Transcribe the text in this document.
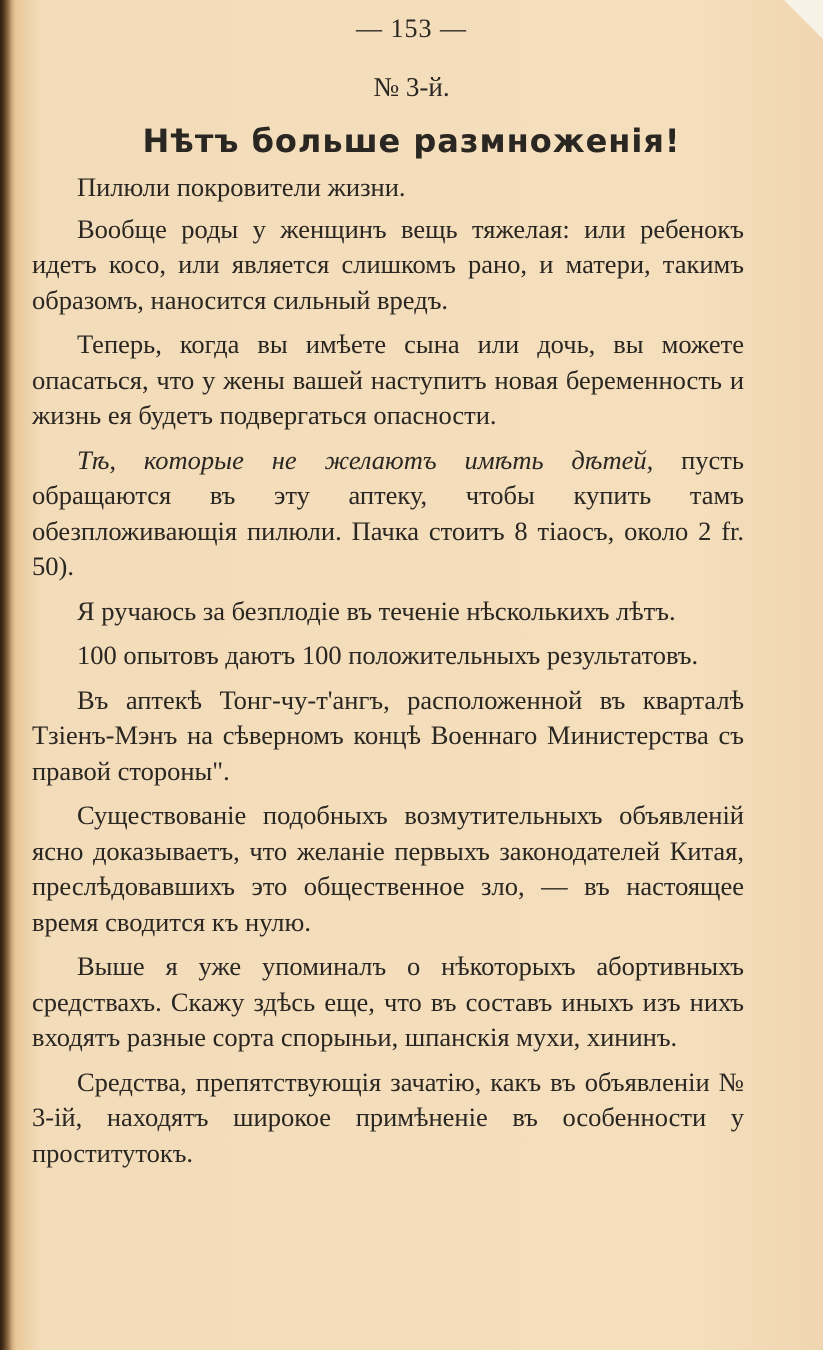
— 153 —
№ 3-й.
Нѣтъ больше размноженія!
Пилюли покровители жизни.
Вообще роды у женщинъ вещь тяжелая: или ребенокъ идетъ косо, или является слишкомъ рано, и матери, такимъ образомъ, наносится сильный вредъ.
Теперь, когда вы имѣете сына или дочь, вы можете опасаться, что у жены вашей наступитъ новая беременность и жизнь ея будетъ подвергаться опасности.
Тѣ, которые не желаютъ имѣть дѣтей, пусть обращаются въ эту аптеку, чтобы купить тамъ обезпложивающія пилюли. Пачка стоитъ 8 тіаосъ, около 2 fr. 50).
Я ручаюсь за безплодіе въ теченіе нѣсколькихъ лѣтъ.
100 опытовъ даютъ 100 положительныхъ результатовъ.
Въ аптекѣ Тонг-чу-т'ангъ, расположенной въ кварталѣ Тзіенъ-Мэнъ на сѣверномъ концѣ Военнаго Министерства съ правой стороны".
Существованіе подобныхъ возмутительныхъ объявленій ясно доказываетъ, что желаніе первыхъ законодателей Китая, преслѣдовавшихъ это общественное зло, — въ настоящее время сводится къ нулю.
Выше я уже упоминалъ о нѣкоторыхъ абортивныхъ средствахъ. Скажу здѣсь еще, что въ составъ иныхъ изъ нихъ входятъ разные сорта спорыньи, шпанскія мухи, хининъ.
Средства, препятствующія зачатію, какъ въ объявленіи № 3-ій, находятъ широкое примѣненіе въ особенности у проститутокъ.
